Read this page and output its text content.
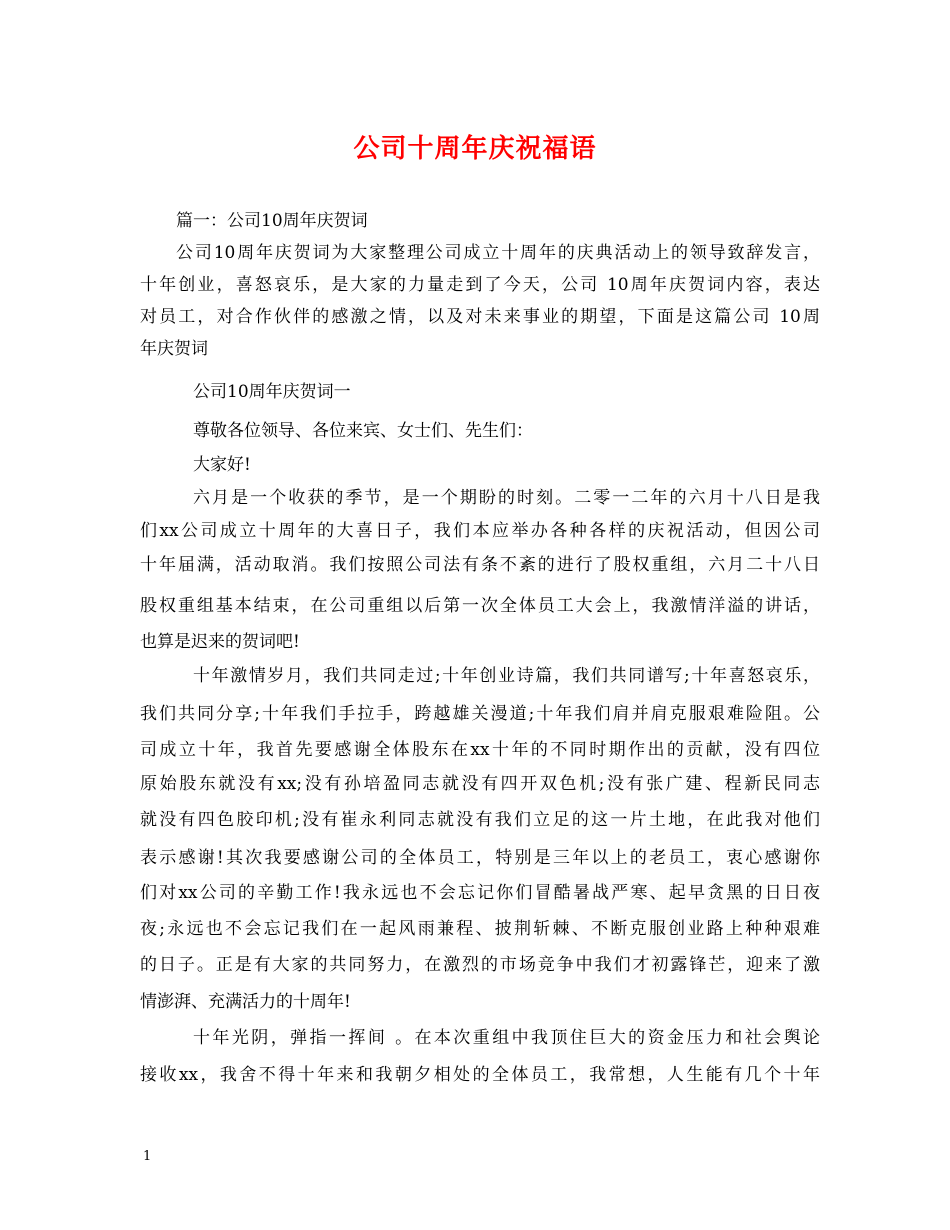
公司十周年庆祝福语
篇一：公司10周年庆贺词
公司10周年庆贺词为大家整理公司成立十周年的庆典活动上的领导致辞发言，
十年创业，喜怒哀乐，是大家的力量走到了今天，公司 10周年庆贺词内容，表达
对员工，对合作伙伴的感激之情，以及对未来事业的期望，下面是这篇公司 10周
年庆贺词
公司10周年庆贺词一
尊敬各位领导、各位来宾、女士们、先生们：
大家好!
六月是一个收获的季节，是一个期盼的时刻。二零一二年的六月十八日是我
们xx公司成立十周年的大喜日子，我们本应举办各种各样的庆祝活动，但因公司
十年届满，活动取消。我们按照公司法有条不紊的进行了股权重组，六月二十八日
股权重组基本结束，在公司重组以后第一次全体员工大会上，我激情洋溢的讲话，
也算是迟来的贺词吧!
十年激情岁月，我们共同走过;十年创业诗篇，我们共同谱写;十年喜怒哀乐，
我们共同分享;十年我们手拉手，跨越雄关漫道;十年我们肩并肩克服艰难险阻。公
司成立十年，我首先要感谢全体股东在xx十年的不同时期作出的贡献，没有四位
原始股东就没有xx;没有孙培盈同志就没有四开双色机;没有张广建、程新民同志
就没有四色胶印机;没有崔永利同志就没有我们立足的这一片土地，在此我对他们
表示感谢!其次我要感谢公司的全体员工，特别是三年以上的老员工，衷心感谢你
们对xx公司的辛勤工作!我永远也不会忘记你们冒酷暑战严寒、起早贪黑的日日夜
夜;永远也不会忘记我们在一起风雨兼程、披荆斩棘、不断克服创业路上种种艰难
的日子。正是有大家的共同努力，在激烈的市场竞争中我们才初露锋芒，迎来了激
情澎湃、充满活力的十周年!
十年光阴，弹指一挥间 。在本次重组中我顶住巨大的资金压力和社会舆论
接收xx，我舍不得十年来和我朝夕相处的全体员工，我常想，人生能有几个十年
1
